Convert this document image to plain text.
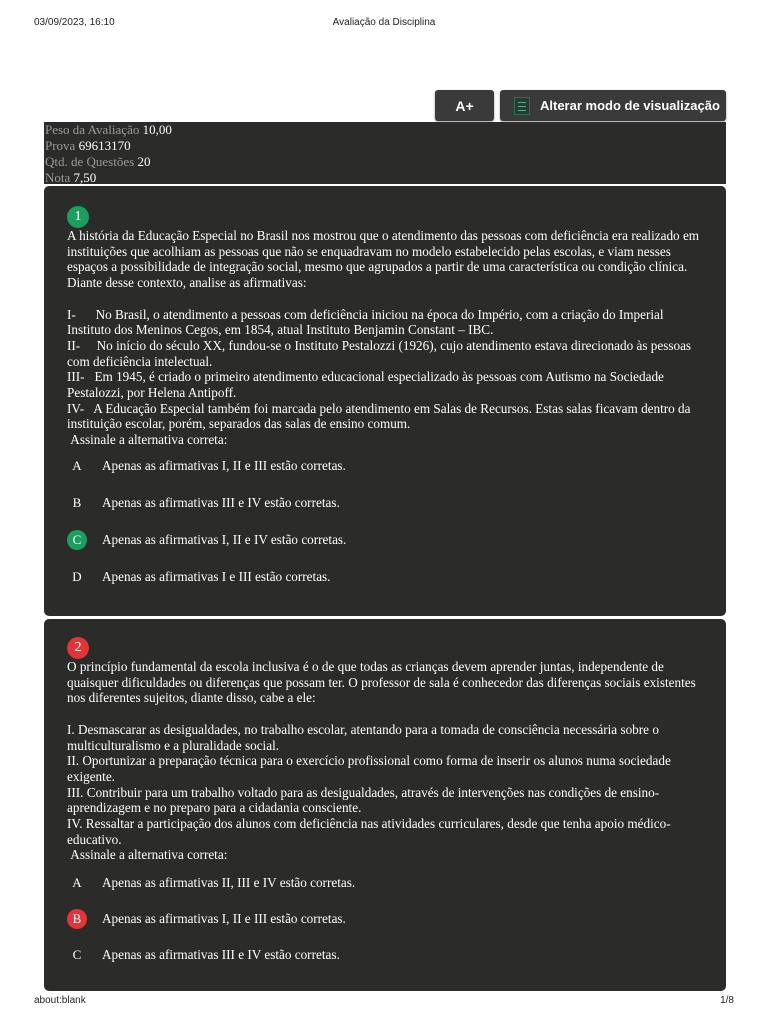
03/09/2023, 16:10	Avaliação da Disciplina
A+	Alterar modo de visualização
Peso da Avaliação 10,00
Prova 69613170
Qtd. de Questões 20
Nota 7,50
1

A história da Educação Especial no Brasil nos mostrou que o atendimento das pessoas com deficiência era realizado em instituições que acolhiam as pessoas que não se enquadravam no modelo estabelecido pelas escolas, e viam nesses espaços a possibilidade de integração social, mesmo que agrupados a partir de uma característica ou condição clínica. Diante desse contexto, analise as afirmativas:

I-      No Brasil, o atendimento a pessoas com deficiência iniciou na época do Império, com a criação do Imperial Instituto dos Meninos Cegos, em 1854, atual Instituto Benjamin Constant – IBC.

II-     No início do século XX, fundou-se o Instituto Pestalozzi (1926), cujo atendimento estava direcionado às pessoas com deficiência intelectual.

III-   Em 1945, é criado o primeiro atendimento educacional especializado às pessoas com Autismo na Sociedade Pestalozzi, por Helena Antipoff.

IV-   A Educação Especial também foi marcada pelo atendimento em Salas de Recursos. Estas salas ficavam dentro da instituição escolar, porém, separados das salas de ensino comum.

Assinale a alternativa correta:

A	Apenas as afirmativas I, II e III estão corretas.
B	Apenas as afirmativas III e IV estão corretas.
C	Apenas as afirmativas I, II e IV estão corretas.
D	Apenas as afirmativas I e III estão corretas.
2

O princípio fundamental da escola inclusiva é o de que todas as crianças devem aprender juntas, independente de quaisquer dificuldades ou diferenças que possam ter. O professor de sala é conhecedor das diferenças sociais existentes nos diferentes sujeitos, diante disso, cabe a ele:

I. Desmascarar as desigualdades, no trabalho escolar, atentando para a tomada de consciência necessária sobre o multiculturalismo e a pluralidade social.

II. Oportunizar a preparação técnica para o exercício profissional como forma de inserir os alunos numa sociedade exigente.

III. Contribuir para um trabalho voltado para as desigualdades, através de intervenções nas condições de ensino-aprendizagem e no preparo para a cidadania consciente.

IV. Ressaltar a participação dos alunos com deficiência nas atividades curriculares, desde que tenha apoio médico-educativo.

Assinale a alternativa correta:

A	Apenas as afirmativas II, III e IV estão corretas.
B	Apenas as afirmativas I, II e III estão corretas.
C	Apenas as afirmativas III e IV estão corretas.
about:blank	1/8
